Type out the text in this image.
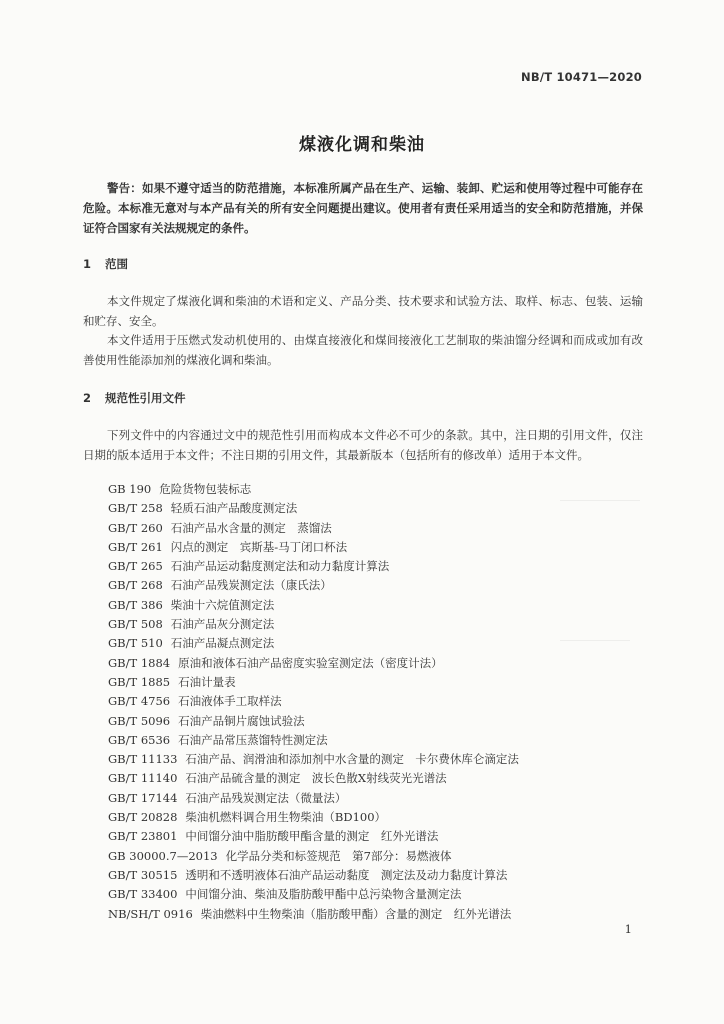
NB/T 10471—2020
煤液化调和柴油
警告：如果不遵守适当的防范措施，本标准所属产品在生产、运输、装卸、贮运和使用等过程中可能存在危险。本标准无意对与本产品有关的所有安全问题提出建议。使用者有责任采用适当的安全和防范措施，并保证符合国家有关法规规定的条件。
1 范围
本文件规定了煤液化调和柴油的术语和定义、产品分类、技术要求和试验方法、取样、标志、包装、运输和贮存、安全。
本文件适用于压燃式发动机使用的、由煤直接液化和煤间接液化工艺制取的柴油馏分经调和而成或加有改善使用性能添加剂的煤液化调和柴油。
2 规范性引用文件
下列文件中的内容通过文中的规范性引用而构成本文件必不可少的条款。其中，注日期的引用文件，仅注日期的版本适用于本文件；不注日期的引用文件，其最新版本（包括所有的修改单）适用于本文件。
GB 190 危险货物包装标志
GB/T 258 轻质石油产品酸度测定法
GB/T 260 石油产品水含量的测定　蒸馏法
GB/T 261 闪点的测定　宾斯基-马丁闭口杯法
GB/T 265 石油产品运动黏度测定法和动力黏度计算法
GB/T 268 石油产品残炭测定法（康氏法）
GB/T 386 柴油十六烷值测定法
GB/T 508 石油产品灰分测定法
GB/T 510 石油产品凝点测定法
GB/T 1884 原油和液体石油产品密度实验室测定法（密度计法）
GB/T 1885 石油计量表
GB/T 4756 石油液体手工取样法
GB/T 5096 石油产品铜片腐蚀试验法
GB/T 6536 石油产品常压蒸馏特性测定法
GB/T 11133 石油产品、润滑油和添加剂中水含量的测定　卡尔费休库仑滴定法
GB/T 11140 石油产品硫含量的测定　波长色散X射线荧光光谱法
GB/T 17144 石油产品残炭测定法（微量法）
GB/T 20828 柴油机燃料调合用生物柴油（BD100）
GB/T 23801 中间馏分油中脂肪酸甲酯含量的测定　红外光谱法
GB 30000.7—2013 化学品分类和标签规范　第7部分：易燃液体
GB/T 30515 透明和不透明液体石油产品运动黏度　测定法及动力黏度计算法
GB/T 33400 中间馏分油、柴油及脂肪酸甲酯中总污染物含量测定法
NB/SH/T 0916 柴油燃料中生物柴油（脂肪酸甲酯）含量的测定　红外光谱法
1
